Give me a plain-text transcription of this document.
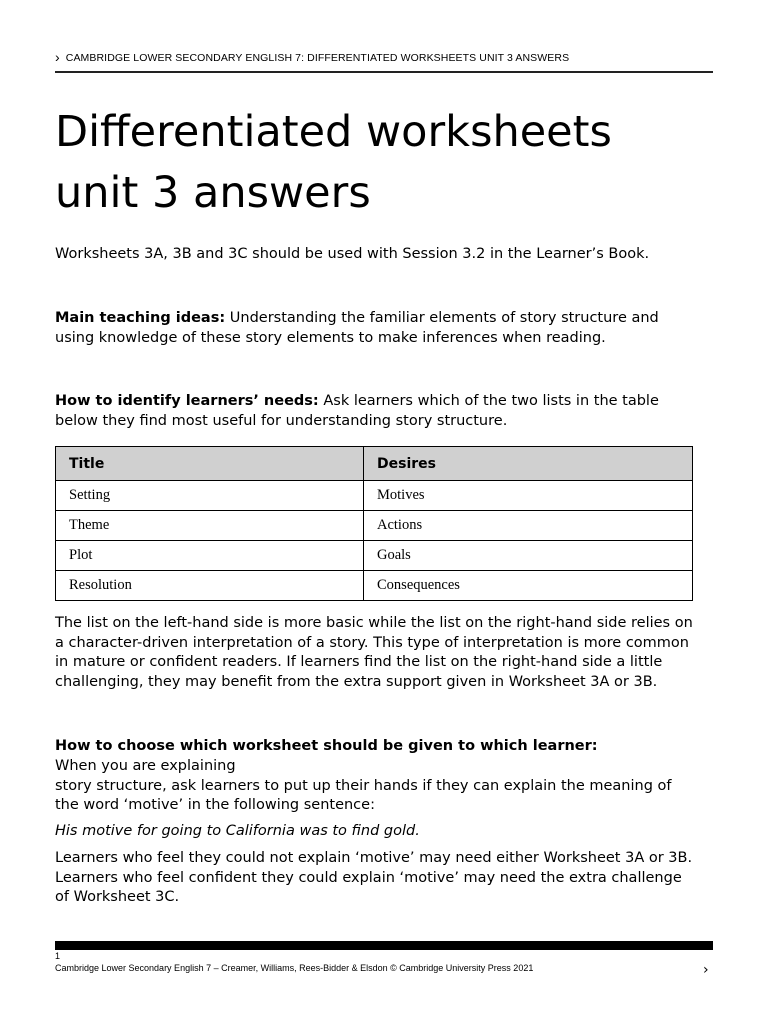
› CAMBRIDGE LOWER SECONDARY ENGLISH 7: DIFFERENTIATED WORKSHEETS UNIT 3 ANSWERS
Differentiated worksheets
unit 3 answers

Worksheets 3A, 3B and 3C should be used with Session 3.2 in the Learner’s Book.

Main teaching ideas: Understanding the familiar elements of story structure and using knowledge of these story elements to make inferences when reading.

How to identify learners’ needs: Ask learners which of the two lists in the table below they find most useful for understanding story structure.

Title	Desires
Setting	Motives
Theme	Actions
Plot	Goals
Resolution	Consequences

The list on the left-hand side is more basic while the list on the right-hand side relies on a character-driven interpretation of a story. This type of interpretation is more common in mature or confident readers. If learners find the list on the right-hand side a little challenging, they may benefit from the extra support given in Worksheet 3A or 3B.

How to choose which worksheet should be given to which learner:

When you are explaining
story structure, ask learners to put up their hands if they can explain the meaning of the word ‘motive’ in the following sentence:

His motive for going to California was to find gold.

Learners who feel they could not explain ‘motive’ may need either Worksheet 3A or 3B. Learners who feel confident they could explain ‘motive’ may need the extra challenge of Worksheet 3C.

1
Cambridge Lower Secondary English 7 – Creamer, Williams, Rees-Bidder & Elsdon © Cambridge University Press 2021	›
